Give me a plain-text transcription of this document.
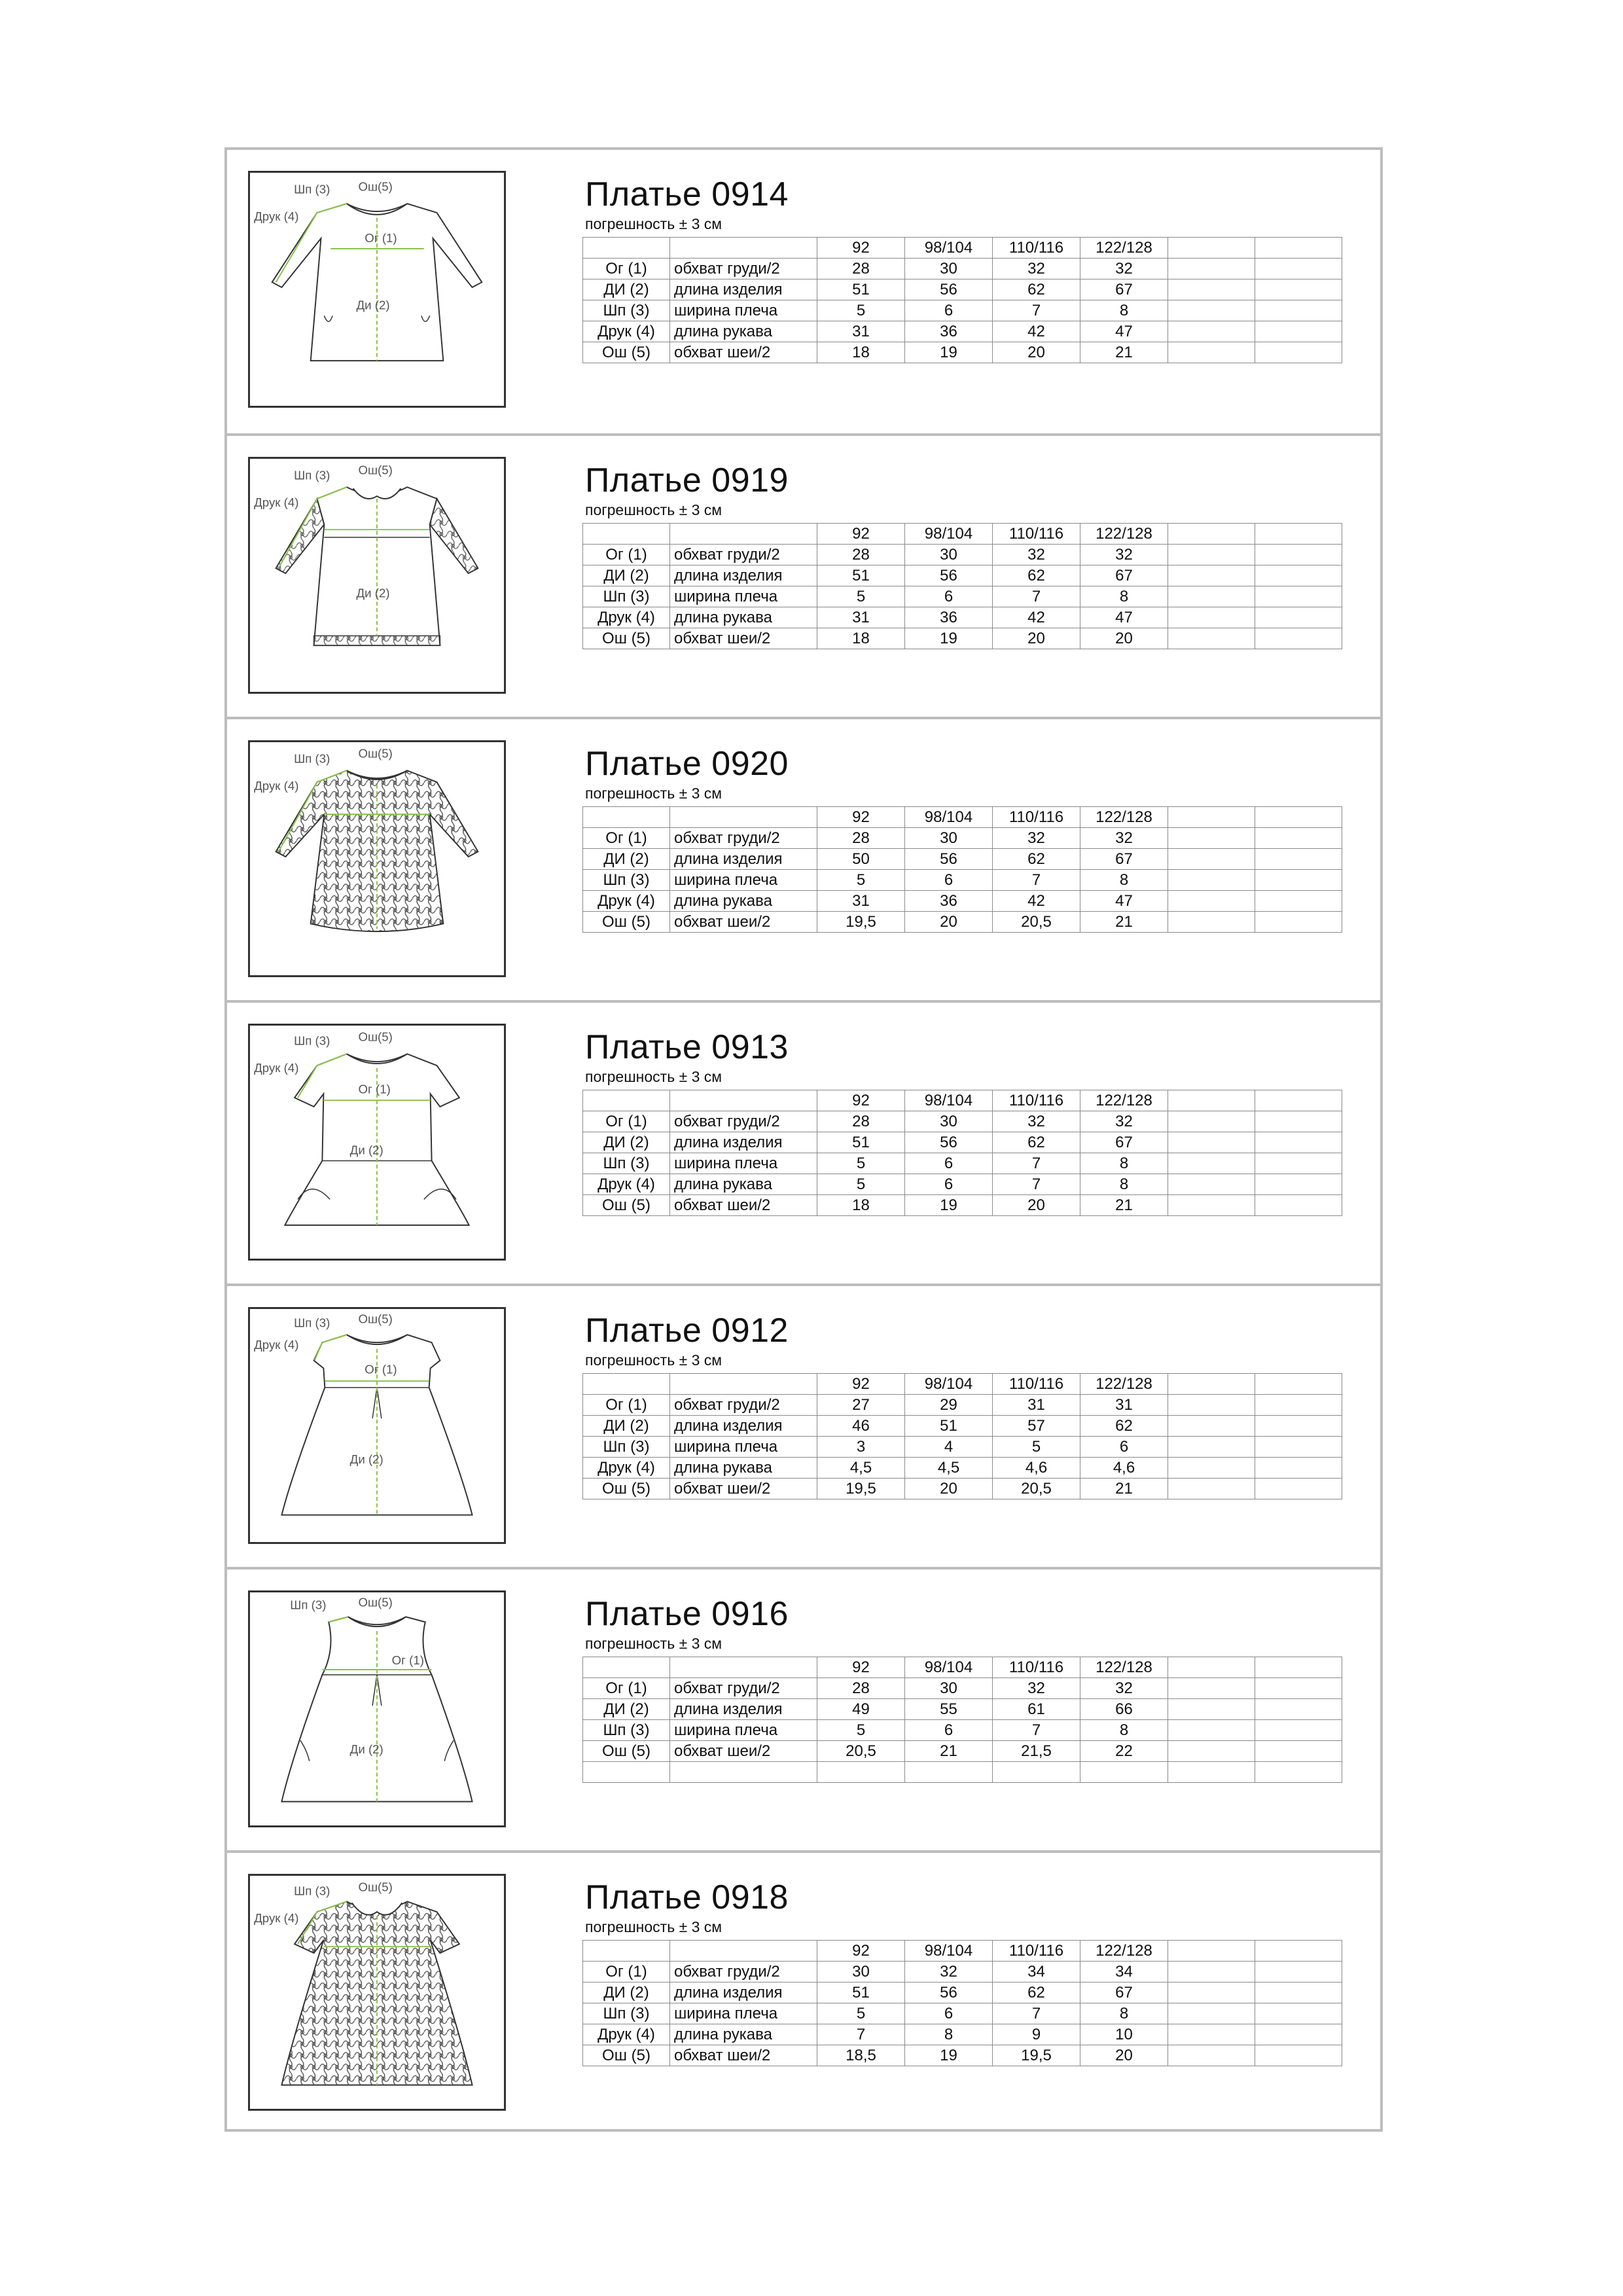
Шп (3) Ош(5)
Друк (4)
Ог (1)
Ди (2)
Платье 0914
погрешность ± 3 см
		92	98/104	110/116	122/128		
Ог (1)	обхват груди/2	28	30	32	32		
ДИ (2)	длина изделия	51	56	62	67		
Шп (3)	ширина плеча	5	6	7	8		
Друк (4)	длина рукава	31	36	42	47		
Ош (5)	обхват шеи/2	18	19	20	21		
Шп (3) Ош(5)
Друк (4)
Ди (2)
Платье 0919
погрешность ± 3 см
		92	98/104	110/116	122/128		
Ог (1)	обхват груди/2	28	30	32	32		
ДИ (2)	длина изделия	51	56	62	67		
Шп (3)	ширина плеча	5	6	7	8		
Друк (4)	длина рукава	31	36	42	47		
Ош (5)	обхват шеи/2	18	19	20	20		
Шп (3) Ош(5)
Друк (4)
Платье 0920
погрешность ± 3 см
		92	98/104	110/116	122/128		
Ог (1)	обхват груди/2	28	30	32	32		
ДИ (2)	длина изделия	50	56	62	67		
Шп (3)	ширина плеча	5	6	7	8		
Друк (4)	длина рукава	31	36	42	47		
Ош (5)	обхват шеи/2	19,5	20	20,5	21		
Шп (3) Ош(5)
Друк (4)
Ог (1)
Ди (2)
Платье 0913
погрешность ± 3 см
		92	98/104	110/116	122/128		
Ог (1)	обхват груди/2	28	30	32	32		
ДИ (2)	длина изделия	51	56	62	67		
Шп (3)	ширина плеча	5	6	7	8		
Друк (4)	длина рукава	5	6	7	8		
Ош (5)	обхват шеи/2	18	19	20	21		
Шп (3) Ош(5)
Друк (4)
Ог (1)
Ди (2)
Платье 0912
погрешность ± 3 см
		92	98/104	110/116	122/128		
Ог (1)	обхват груди/2	27	29	31	31		
ДИ (2)	длина изделия	46	51	57	62		
Шп (3)	ширина плеча	3	4	5	6		
Друк (4)	длина рукава	4,5	4,5	4,6	4,6		
Ош (5)	обхват шеи/2	19,5	20	20,5	21		
Шп (3)	Ош(5)
Ог (1)
Ди (2)
Платье 0916
погрешность ± 3 см
		92	98/104	110/116	122/128		
Ог (1)	обхват груди/2	28	30	32	32		
ДИ (2)	длина изделия	49	55	61	66		
Шп (3)	ширина плеча	5	6	7	8		
Ош (5)	обхват шеи/2	20,5	21	21,5	22		

Шп (3) Ош(5)
Друк (4)
Платье 0918
погрешность ± 3 см
		92	98/104	110/116	122/128		
Ог (1)	обхват груди/2	30	32	34	34		
ДИ (2)	длина изделия	51	56	62	67		
Шп (3)	ширина плеча	5	6	7	8		
Друк (4)	длина рукава	7	8	9	10		
Ош (5)	обхват шеи/2	18,5	19	19,5	20		
